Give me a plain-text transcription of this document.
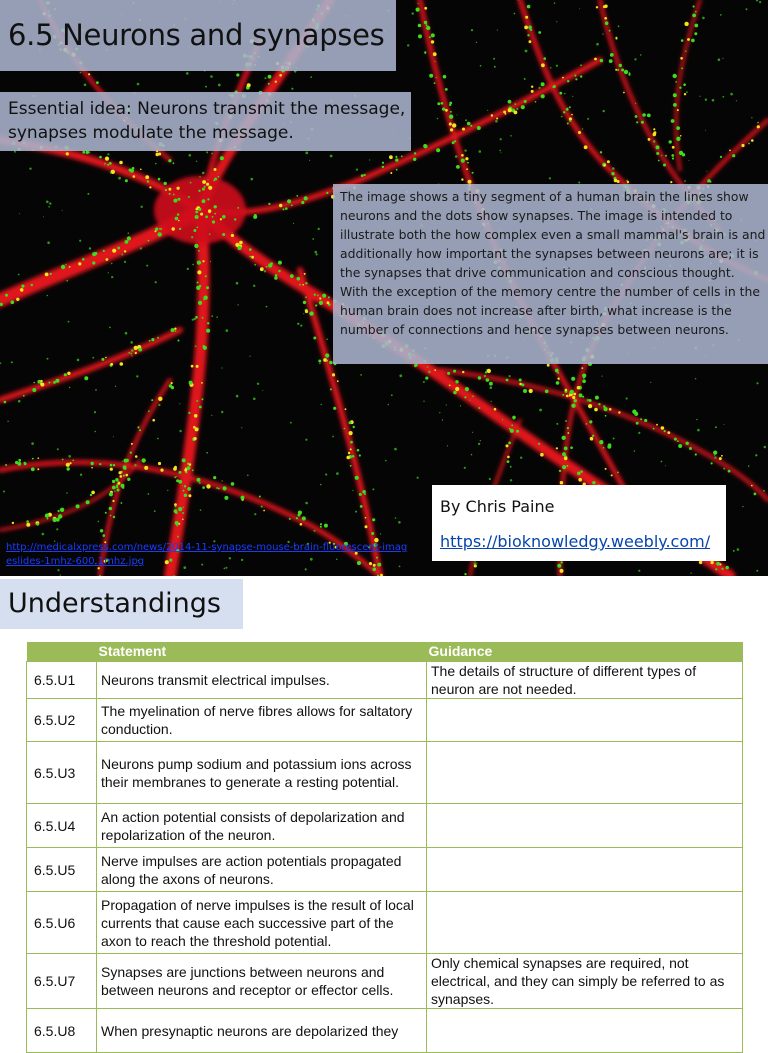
6.5 Neurons and synapses
Essential idea: Neurons transmit the message, synapses modulate the message.
The image shows a tiny segment of a human brain the lines show neurons and the dots show synapses. The image is intended to illustrate both the how complex even a small mammal's brain is and additionally how important the synapses between neurons are; it is the synapses that drive communication and conscious thought. With the exception of the memory centre the number of cells in the human brain does not increase after birth, what increase is the number of connections and hence synapses between neurons.
By Chris Paine
https://bioknowledgy.weebly.com/
http://medicalxpress.com/news/2014-11-synapse-mouse-brain-fluorescent-imageslides-1mhz-600.1mhz.jpg
Understandings
	Statement	Guidance
6.5.U1	Neurons transmit electrical impulses.	The details of structure of different types of neuron are not needed.
6.5.U2	The myelination of nerve fibres allows for saltatory conduction.	
6.5.U3	Neurons pump sodium and potassium ions across their membranes to generate a resting potential.	
6.5.U4	An action potential consists of depolarization and repolarization of the neuron.	
6.5.U5	Nerve impulses are action potentials propagated along the axons of neurons.	
6.5.U6	Propagation of nerve impulses is the result of local currents that cause each successive part of the axon to reach the threshold potential.	
6.5.U7	Synapses are junctions between neurons and between neurons and receptor or effector cells.	Only chemical synapses are required, not electrical, and they can simply be referred to as synapses.
6.5.U8	When presynaptic neurons are depolarized they	
